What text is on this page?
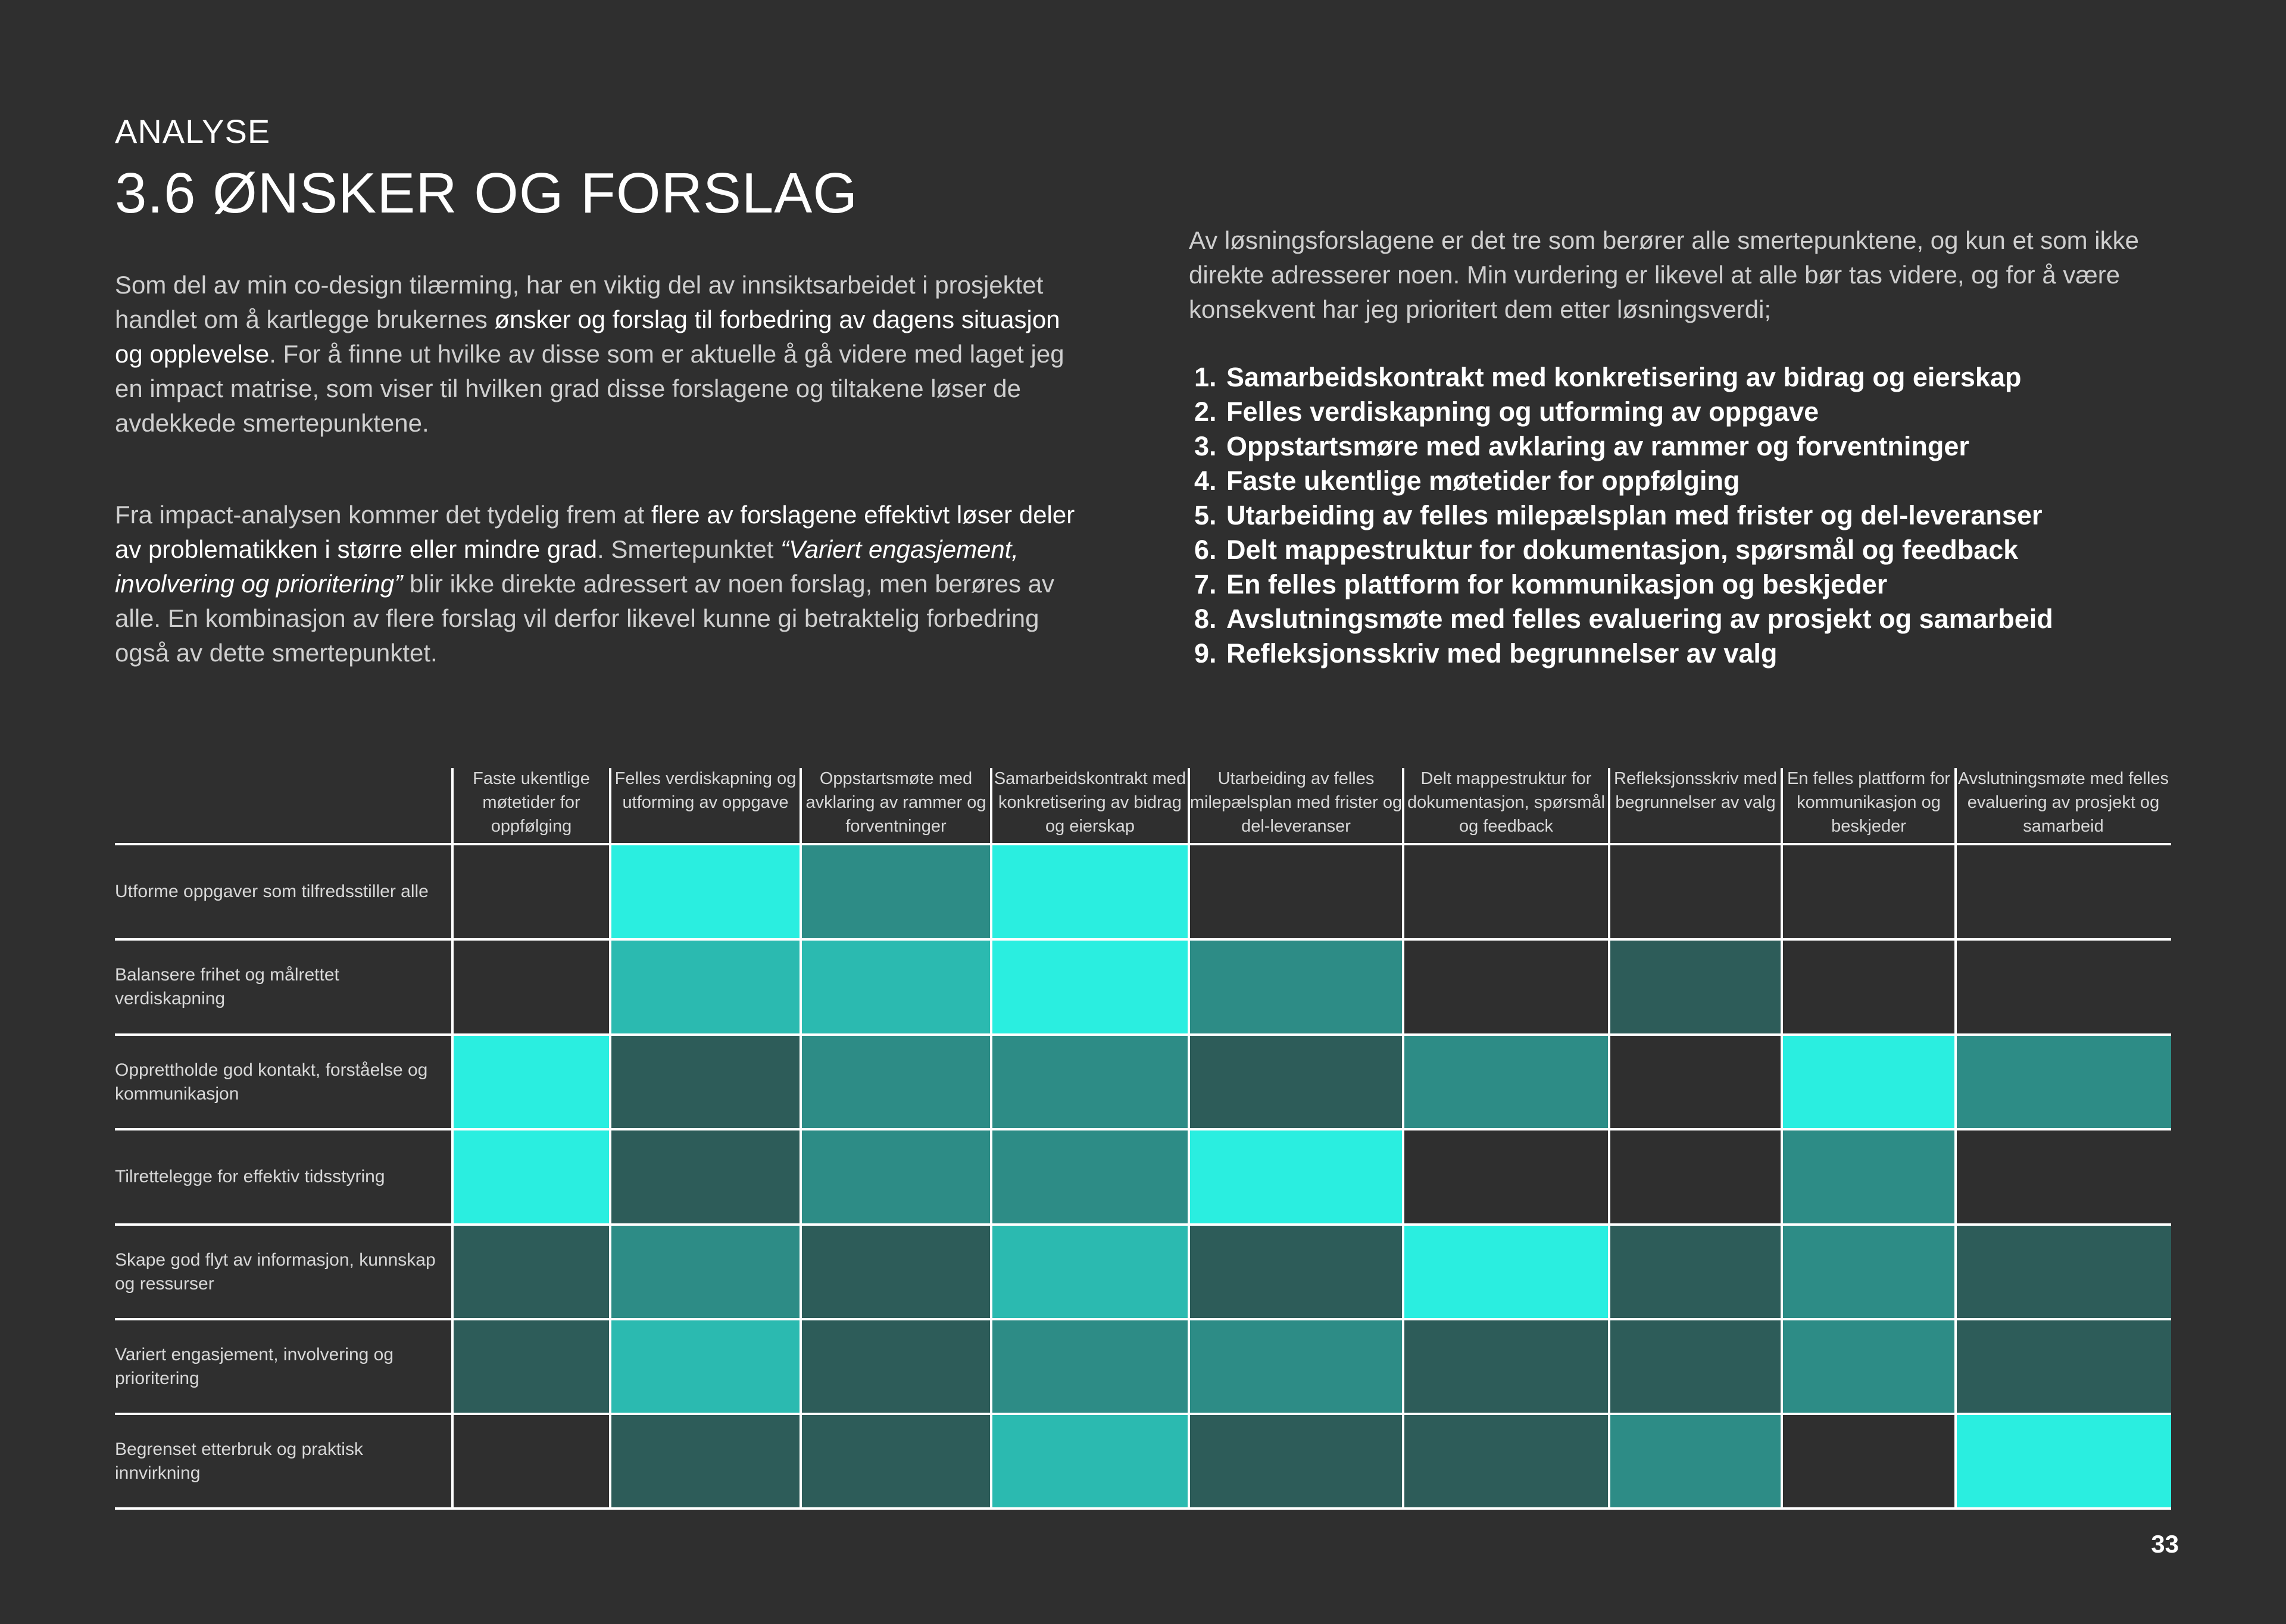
ANALYSE
3.6 ØNSKER OG FORSLAG
Som del av min co-design tilærming, har en viktig del av innsiktsarbeidet i prosjektet handlet om å kartlegge brukernes ønsker og forslag til forbedring av dagens situasjon og opplevelse. For å finne ut hvilke av disse som er aktuelle å gå videre med laget jeg en impact matrise, som viser til hvilken grad disse forslagene og tiltakene løser de avdekkede smertepunktene.
Fra impact-analysen kommer det tydelig frem at flere av forslagene effektivt løser deler av problematikken i større eller mindre grad. Smertepunktet “Variert engasjement, involvering og prioritering” blir ikke direkte adressert av noen forslag, men berøres av alle. En kombinasjon av flere forslag vil derfor likevel kunne gi betraktelig forbedring også av dette smertepunktet.
Av løsningsforslagene er det tre som berører alle smertepunktene, og kun et som ikke direkte adresserer noen. Min vurdering er likevel at alle bør tas videre, og for å være konsekvent har jeg prioritert dem etter løsningsverdi;
1. Samarbeidskontrakt med konkretisering av bidrag og eierskap
2. Felles verdiskapning og utforming av oppgave
3. Oppstartsmøre med avklaring av rammer og forventninger
4. Faste ukentlige møtetider for oppfølging
5. Utarbeiding av felles milepælsplan med frister og del-leveranser
6. Delt mappestruktur for dokumentasjon, spørsmål og feedback
7. En felles plattform for kommunikasjon og beskjeder
8. Avslutningsmøte med felles evaluering av prosjekt og samarbeid
9. Refleksjonsskriv med begrunnelser av valg
Faste ukentlige møtetider for oppfølging
Felles verdiskapning og utforming av oppgave
Oppstartsmøte med avklaring av rammer og forventninger
Samarbeidskontrakt med konkretisering av bidrag og eierskap
Utarbeiding av felles milepælsplan med frister og del-leveranser
Delt mappestruktur for dokumentasjon, spørsmål og feedback
Refleksjonsskriv med begrunnelser av valg
En felles plattform for kommunikasjon og beskjeder
Avslutningsmøte med felles evaluering av prosjekt og samarbeid
Utforme oppgaver som tilfredsstiller alle
Balansere frihet og målrettet verdiskapning
Opprettholde god kontakt, forståelse og kommunikasjon
Tilrettelegge for effektiv tidsstyring
Skape god flyt av informasjon, kunnskap og ressurser
Variert engasjement, involvering og prioritering
Begrenset etterbruk og praktisk innvirkning
33
